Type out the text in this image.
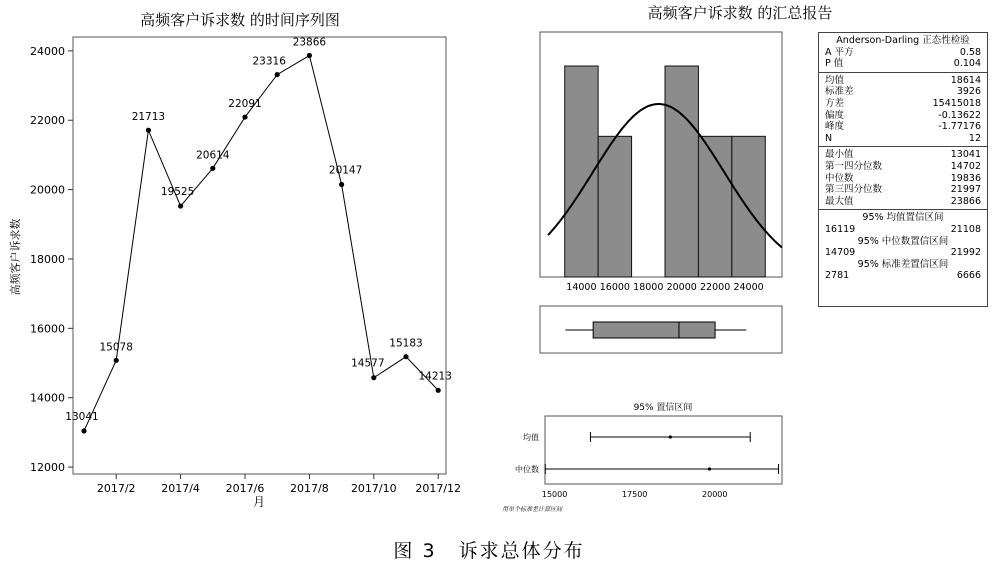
高频客户诉求数 的时间序列图	高频客户诉求数 的汇总报告
12000
14000
16000
18000
20000
22000
24000
2017/2 2017/4 2017/6 2017/8 2017/10 2017/12
高频客户诉求数
月
13041
15078
21713
19525
20614
22091
23316
23866
20147
14577
15183
14213
14000 16000 18000 20000 22000 24000
95% 置信区间
均值
中位数
15000	17500	20000
用单个标准差计算区间
Anderson-Darling 正态性检验
A 平方	0.58
P 值	0.104
均值	18614
标准差	3926
方差	15415018
偏度	-0.13622
峰度	-1.77176
N	12
最小值	13041
第一四分位数	14702
中位数	19836
第三四分位数	21997
最大值	23866
95% 均值置信区间
16119	21108
95% 中位数置信区间
14709	21992
95% 标准差置信区间
2781	6666
图 3 诉求总体分布
